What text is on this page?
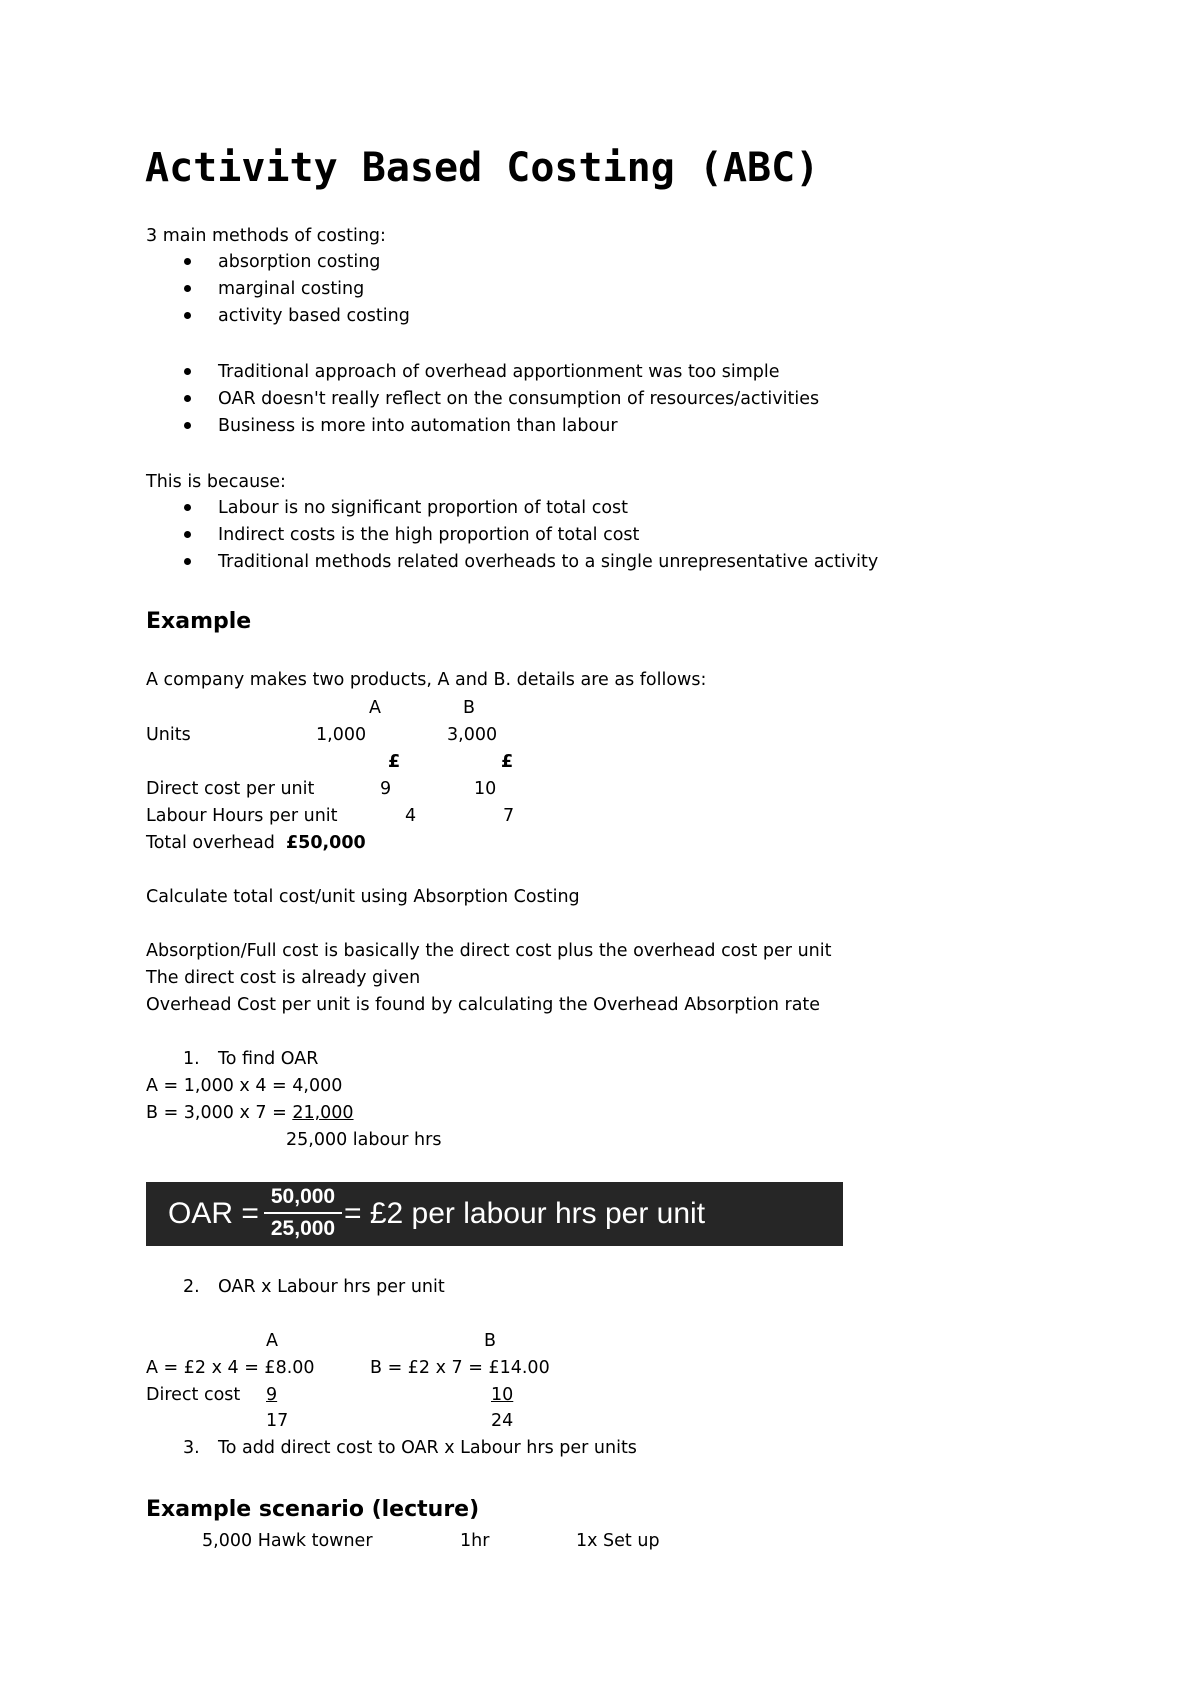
Activity Based Costing (ABC)
3 main methods of costing:
absorption costing
marginal costing
activity based costing
Traditional approach of overhead apportionment was too simple
OAR doesn't really reflect on the consumption of resources/activities
Business is more into automation than labour
This is because:
Labour is no significant proportion of total cost
Indirect costs is the high proportion of total cost
Traditional methods related overheads to a single unrepresentative activity
Example
A company makes two products, A and B. details are as follows:
A	B
Units	1,000	3,000
£	£
Direct cost per unit	9	10
Labour Hours per unit	4	7
Total overhead £50,000
Calculate total cost/unit using Absorption Costing
Absorption/Full cost is basically the direct cost plus the overhead cost per unit
The direct cost is already given
Overhead Cost per unit is found by calculating the Overhead Absorption rate
1. To find OAR
A = 1,000 x 4 = 4,000
B = 3,000 x 7 = 21,000
25,000 labour hrs
OAR =
50,000
25,000 = £2 per labour hrs per unit
2. OAR x Labour hrs per unit
A	B
A = £2 x 4 = £8.00	B = £2 x 7 = £14.00
Direct cost 9	10
17	24
3. To add direct cost to OAR x Labour hrs per units
Example scenario (lecture)
5,000 Hawk towner	1hr	1x Set up
